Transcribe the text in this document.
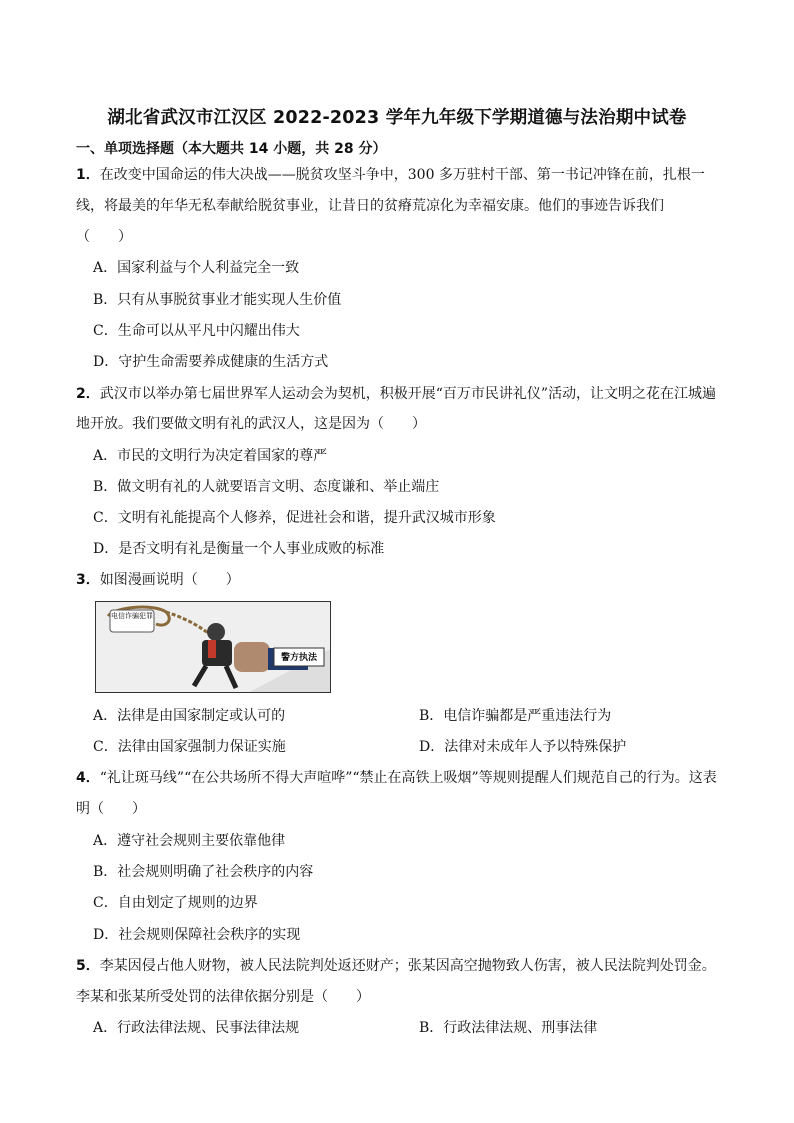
湖北省武汉市江汉区 2022-2023 学年九年级下学期道德与法治期中试卷
一、单项选择题（本大题共 14 小题，共 28 分）
1．在改变中国命运的伟大决战——脱贫攻坚斗争中，300 多万驻村干部、第一书记冲锋在前，扎根一
线，将最美的年华无私奉献给脱贫事业，让昔日的贫瘠荒凉化为幸福安康。他们的事迹告诉我们
（　　）
A．国家利益与个人利益完全一致
B．只有从事脱贫事业才能实现人生价值
C．生命可以从平凡中闪耀出伟大
D．守护生命需要养成健康的生活方式
2．武汉市以举办第七届世界军人运动会为契机，积极开展“百万市民讲礼仪”活动，让文明之花在江城遍
地开放。我们要做文明有礼的武汉人，这是因为（　　）
A．市民的文明行为决定着国家的尊严
B．做文明有礼的人就要语言文明、态度谦和、举止端庄
C．文明有礼能提高个人修养，促进社会和谐，提升武汉城市形象
D．是否文明有礼是衡量一个人事业成败的标准
3．如图漫画说明（　　）
电信诈骗犯罪
警方执法
A．法律是由国家制定或认可的	B．电信诈骗都是严重违法行为
C．法律由国家强制力保证实施	D．法律对未成年人予以特殊保护
4．“礼让斑马线”“在公共场所不得大声喧哗”“禁止在高铁上吸烟”等规则提醒人们规范自己的行为。这表
明（　　）
A．遵守社会规则主要依靠他律
B．社会规则明确了社会秩序的内容
C．自由划定了规则的边界
D．社会规则保障社会秩序的实现
5．李某因侵占他人财物，被人民法院判处返还财产；张某因高空抛物致人伤害，被人民法院判处罚金。
李某和张某所受处罚的法律依据分别是（　　）
A．行政法律法规、民事法律法规	B．行政法律法规、刑事法律
